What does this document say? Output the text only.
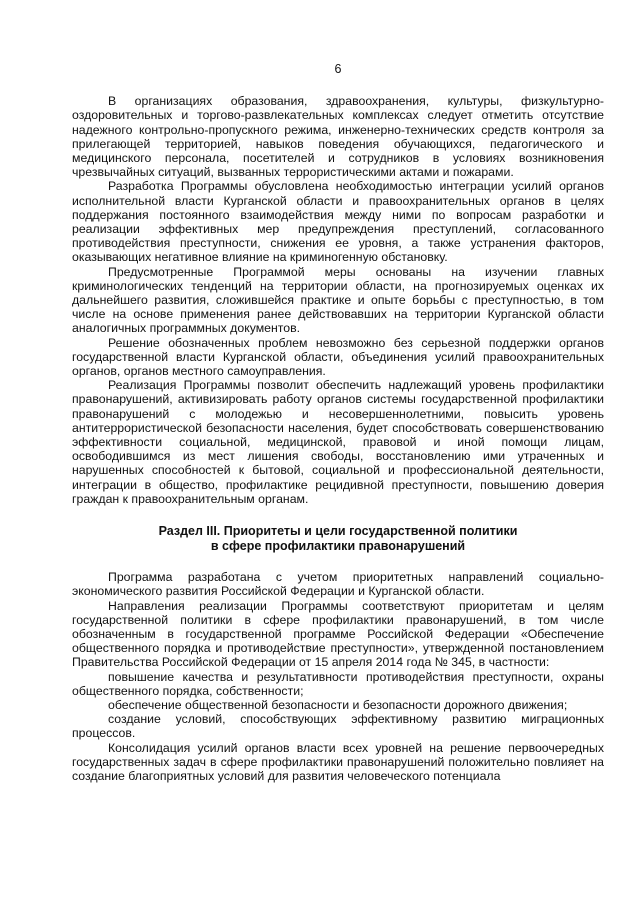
6

В организациях образования, здравоохранения, культуры, физкультурно-оздоровительных и торгово-развлекательных комплексах следует отметить отсутствие надежного контрольно-пропускного режима, инженерно-технических средств контроля за прилегающей территорией, навыков поведения обучающихся, педагогического и медицинского персонала, посетителей и сотрудников в условиях возникновения чрезвычайных ситуаций, вызванных террористическими актами и пожарами.

Разработка Программы обусловлена необходимостью интеграции усилий органов исполнительной власти Курганской области и правоохранительных органов в целях поддержания постоянного взаимодействия между ними по вопросам разработки и реализации эффективных мер предупреждения преступлений, согласованного противодействия преступности, снижения ее уровня, а также устранения факторов, оказывающих негативное влияние на криминогенную обстановку.

Предусмотренные Программой меры основаны на изучении главных криминологических тенденций на территории области, на прогнозируемых оценках их дальнейшего развития, сложившейся практике и опыте борьбы с преступностью, в том числе на основе применения ранее действовавших на территории Курганской области аналогичных программных документов.

Решение обозначенных проблем невозможно без серьезной поддержки органов государственной власти Курганской области, объединения усилий правоохранительных органов, органов местного самоуправления.

Реализация Программы позволит обеспечить надлежащий уровень профилактики правонарушений, активизировать работу органов системы государственной профилактики правонарушений с молодежью и несовершеннолетними, повысить уровень антитеррористической безопасности населения, будет способствовать совершенствованию эффективности социальной, медицинской, правовой и иной помощи лицам, освободившимся из мест лишения свободы, восстановлению ими утраченных и нарушенных способностей к бытовой, социальной и профессиональной деятельности, интеграции в общество, профилактике рецидивной преступности, повышению доверия граждан к правоохранительным органам.

Раздел III. Приоритеты и цели государственной политики
в сфере профилактики правонарушений

Программа разработана с учетом приоритетных направлений социально-экономического развития Российской Федерации и Курганской области.

Направления реализации Программы соответствуют приоритетам и целям государственной политики в сфере профилактики правонарушений, в том числе обозначенным в государственной программе Российской Федерации «Обеспечение общественного порядка и противодействие преступности», утвержденной постановлением Правительства Российской Федерации от 15 апреля 2014 года № 345, в частности:

повышение качества и результативности противодействия преступности, охраны общественного порядка, собственности;

обеспечение общественной безопасности и безопасности дорожного движения;

создание условий, способствующих эффективному развитию миграционных процессов.

Консолидация усилий органов власти всех уровней на решение первоочередных государственных задач в сфере профилактики правонарушений положительно повлияет на создание благоприятных условий для развития человеческого потенциала
